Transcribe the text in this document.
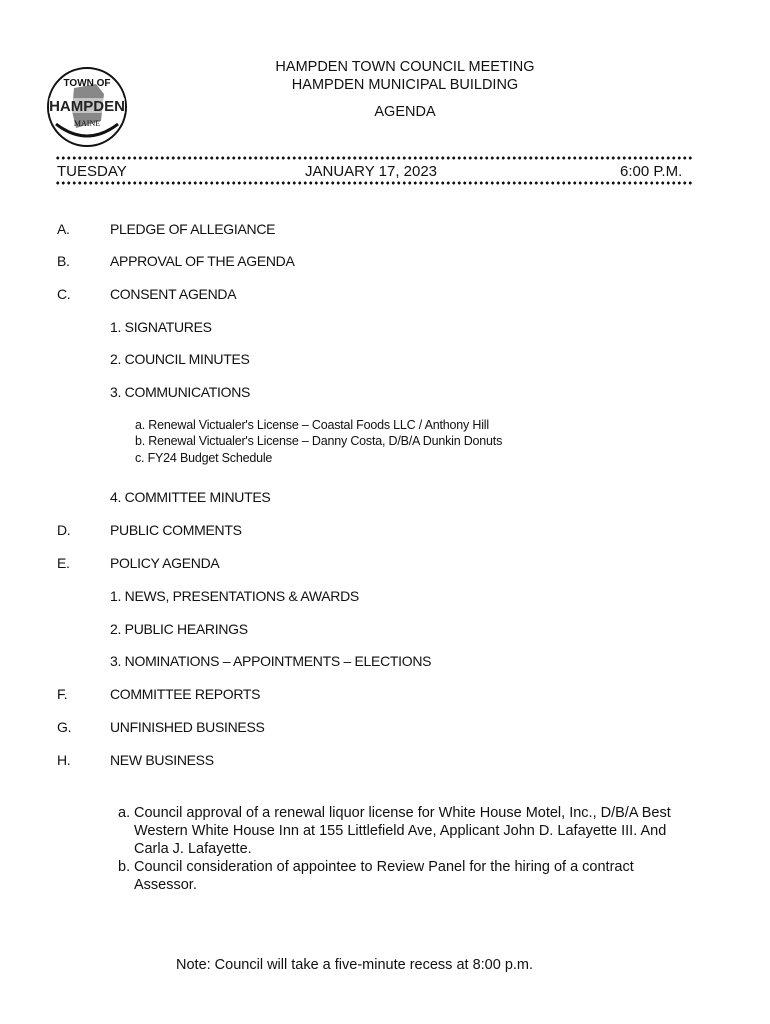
TOWN OF
HAMPDEN
MAINE
HAMPDEN TOWN COUNCIL MEETING
HAMPDEN MUNICIPAL BUILDING
AGENDA
TUESDAY	JANUARY 17, 2023	6:00 P.M.
A.	PLEDGE OF ALLEGIANCE
B.	APPROVAL OF THE AGENDA
C.	CONSENT AGENDA
1. SIGNATURES
2. COUNCIL MINUTES
3. COMMUNICATIONS
a. Renewal Victualer's License – Coastal Foods LLC / Anthony Hill
b. Renewal Victualer's License – Danny Costa, D/B/A Dunkin Donuts
c. FY24 Budget Schedule
4. COMMITTEE MINUTES
D.	PUBLIC COMMENTS
E.	POLICY AGENDA
1. NEWS, PRESENTATIONS & AWARDS
2. PUBLIC HEARINGS
3. NOMINATIONS – APPOINTMENTS – ELECTIONS
F.	COMMITTEE REPORTS
G.	UNFINISHED BUSINESS
H.	NEW BUSINESS
a. Council approval of a renewal liquor license for White House Motel, Inc., D/B/A Best Western White House Inn at 155 Littlefield Ave, Applicant John D. Lafayette III. And Carla J. Lafayette.
b. Council consideration of appointee to Review Panel for the hiring of a contract Assessor.
Note: Council will take a five-minute recess at 8:00 p.m.
